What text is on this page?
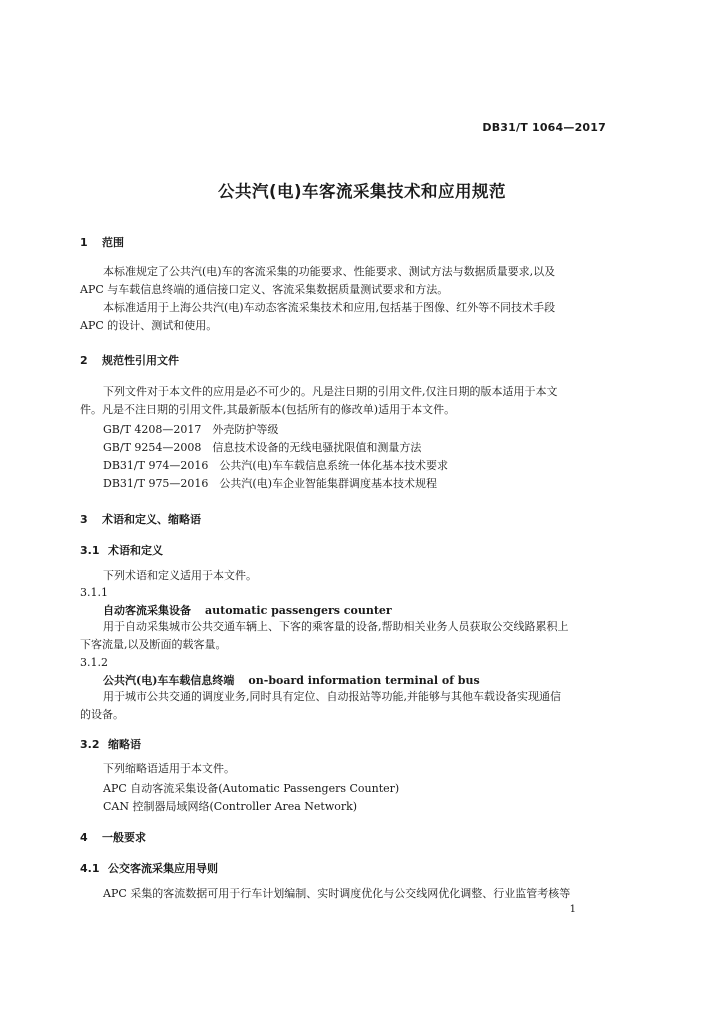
DB31/T 1064—2017
公共汽(电)车客流采集技术和应用规范
1 范围
本标准规定了公共汽(电)车的客流采集的功能要求、性能要求、测试方法与数据质量要求,以及
APC 与车载信息终端的通信接口定义、客流采集数据质量测试要求和方法。
本标准适用于上海公共汽(电)车动态客流采集技术和应用,包括基于图像、红外等不同技术手段
APC 的设计、测试和使用。
2 规范性引用文件
下列文件对于本文件的应用是必不可少的。凡是注日期的引用文件,仅注日期的版本适用于本文
件。凡是不注日期的引用文件,其最新版本(包括所有的修改单)适用于本文件。
GB/T 4208—2017　外壳防护等级
GB/T 9254—2008　信息技术设备的无线电骚扰限值和测量方法
DB31/T 974—2016　公共汽(电)车车载信息系统一体化基本技术要求
DB31/T 975—2016　公共汽(电)车企业智能集群调度基本技术规程
3 术语和定义、缩略语
3.1 术语和定义
下列术语和定义适用于本文件。
3.1.1
自动客流采集设备 automatic passengers counter
用于自动采集城市公共交通车辆上、下客的乘客量的设备,帮助相关业务人员获取公交线路累积上
下客流量,以及断面的载客量。
3.1.2
公共汽(电)车车载信息终端 on-board information terminal of bus
用于城市公共交通的调度业务,同时具有定位、自动报站等功能,并能够与其他车载设备实现通信
的设备。
3.2 缩略语
下列缩略语适用于本文件。
APC 自动客流采集设备(Automatic Passengers Counter)
CAN 控制器局域网络(Controller Area Network)
4 一般要求
4.1 公交客流采集应用导则
APC 采集的客流数据可用于行车计划编制、实时调度优化与公交线网优化调整、行业监管考核等
1
